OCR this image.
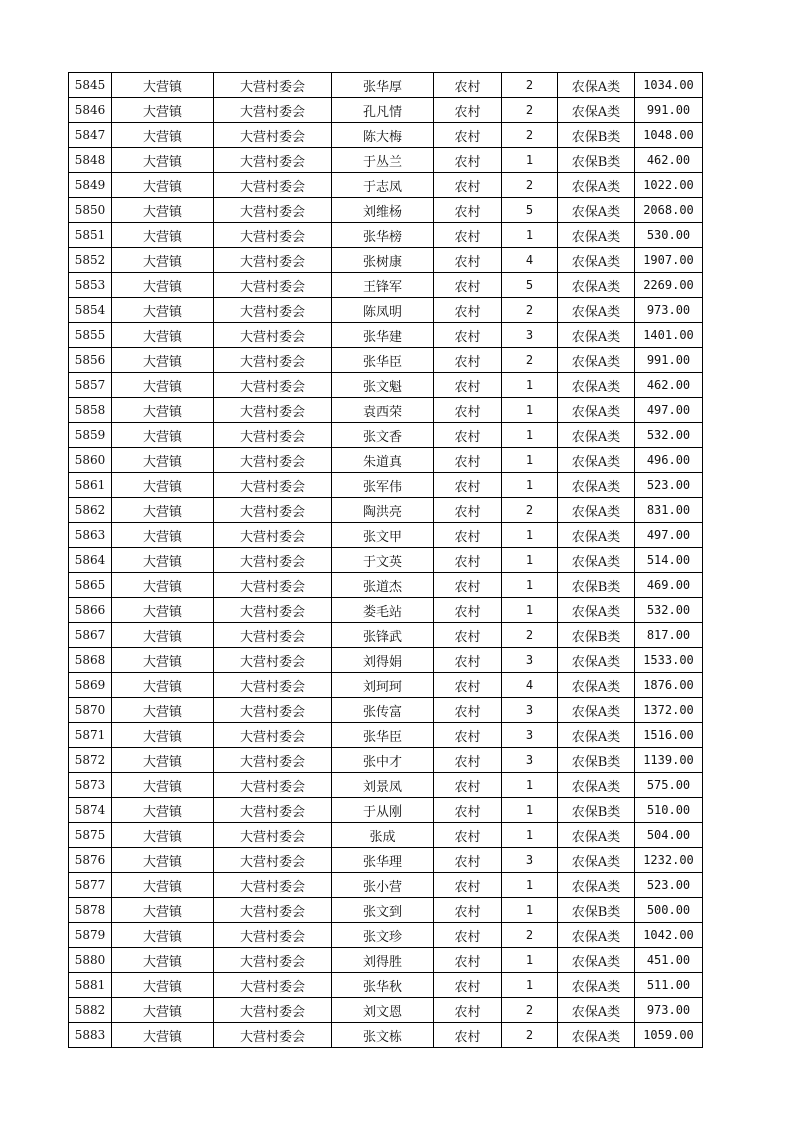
5845	大营镇	大营村委会	张华厚	农村	2	农保A类	1034.00
5846	大营镇	大营村委会	孔凡情	农村	2	农保A类	991.00
5847	大营镇	大营村委会	陈大梅	农村	2	农保B类	1048.00
5848	大营镇	大营村委会	于丛兰	农村	1	农保B类	462.00
5849	大营镇	大营村委会	于志凤	农村	2	农保A类	1022.00
5850	大营镇	大营村委会	刘维杨	农村	5	农保A类	2068.00
5851	大营镇	大营村委会	张华榜	农村	1	农保A类	530.00
5852	大营镇	大营村委会	张树康	农村	4	农保A类	1907.00
5853	大营镇	大营村委会	王锋军	农村	5	农保A类	2269.00
5854	大营镇	大营村委会	陈凤明	农村	2	农保A类	973.00
5855	大营镇	大营村委会	张华建	农村	3	农保A类	1401.00
5856	大营镇	大营村委会	张华臣	农村	2	农保A类	991.00
5857	大营镇	大营村委会	张文魁	农村	1	农保A类	462.00
5858	大营镇	大营村委会	袁西荣	农村	1	农保A类	497.00
5859	大营镇	大营村委会	张文香	农村	1	农保A类	532.00
5860	大营镇	大营村委会	朱道真	农村	1	农保A类	496.00
5861	大营镇	大营村委会	张军伟	农村	1	农保A类	523.00
5862	大营镇	大营村委会	陶洪亮	农村	2	农保A类	831.00
5863	大营镇	大营村委会	张文甲	农村	1	农保A类	497.00
5864	大营镇	大营村委会	于文英	农村	1	农保A类	514.00
5865	大营镇	大营村委会	张道杰	农村	1	农保B类	469.00
5866	大营镇	大营村委会	娄毛站	农村	1	农保A类	532.00
5867	大营镇	大营村委会	张锋武	农村	2	农保B类	817.00
5868	大营镇	大营村委会	刘得娟	农村	3	农保A类	1533.00
5869	大营镇	大营村委会	刘珂珂	农村	4	农保A类	1876.00
5870	大营镇	大营村委会	张传富	农村	3	农保A类	1372.00
5871	大营镇	大营村委会	张华臣	农村	3	农保A类	1516.00
5872	大营镇	大营村委会	张中才	农村	3	农保B类	1139.00
5873	大营镇	大营村委会	刘景凤	农村	1	农保A类	575.00
5874	大营镇	大营村委会	于从刚	农村	1	农保B类	510.00
5875	大营镇	大营村委会	张成	农村	1	农保A类	504.00
5876	大营镇	大营村委会	张华理	农村	3	农保A类	1232.00
5877	大营镇	大营村委会	张小营	农村	1	农保A类	523.00
5878	大营镇	大营村委会	张文到	农村	1	农保B类	500.00
5879	大营镇	大营村委会	张文珍	农村	2	农保A类	1042.00
5880	大营镇	大营村委会	刘得胜	农村	1	农保A类	451.00
5881	大营镇	大营村委会	张华秋	农村	1	农保A类	511.00
5882	大营镇	大营村委会	刘文恩	农村	2	农保A类	973.00
5883	大营镇	大营村委会	张文栋	农村	2	农保A类	1059.00
